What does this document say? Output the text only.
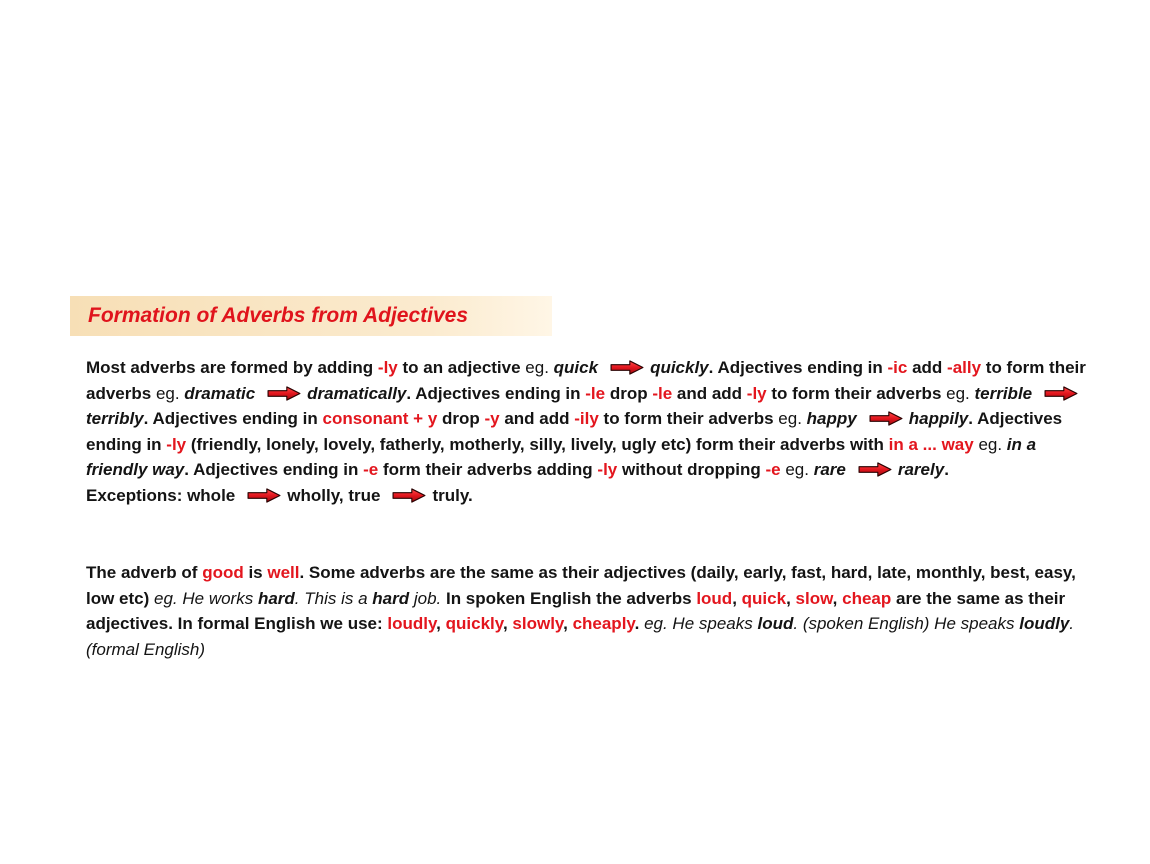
Formation of Adverbs from Adjectives

Most adverbs are formed by adding -ly to an adjective eg. quick	quickly. Adjectives ending in -ic add -ally to form their adverbs eg. dramatic	dramatically. Adjectives ending in -le drop -le and add -ly to form their adverbs eg. terribleterribly. Adjectives ending in consonant + y drop -y and add -ily to form their adverbs eg. happy	happily. Adjectives ending in -ly (friendly, lonely, lovely, fatherly, motherly, silly, lively, ugly etc) form their adverbs with in a ... way eg. in a friendly way. Adjectives ending in -e form their adverbs adding -ly without dropping -e eg. rare	rarely.
Exceptions: whole	wholly, true	truly.

The adverb of good is well. Some adverbs are the same as their adjectives (daily, early, fast, hard, late, monthly, best, easy, low etc) eg. He works hard. This is a hard job. In spoken English the adverbs loud, quick, slow, cheap are the same as their adjectives. In formal English we use: loudly, quickly, slowly, cheaply. eg. He speaks loud. (spoken English) He speaks loudly. (formal English)
